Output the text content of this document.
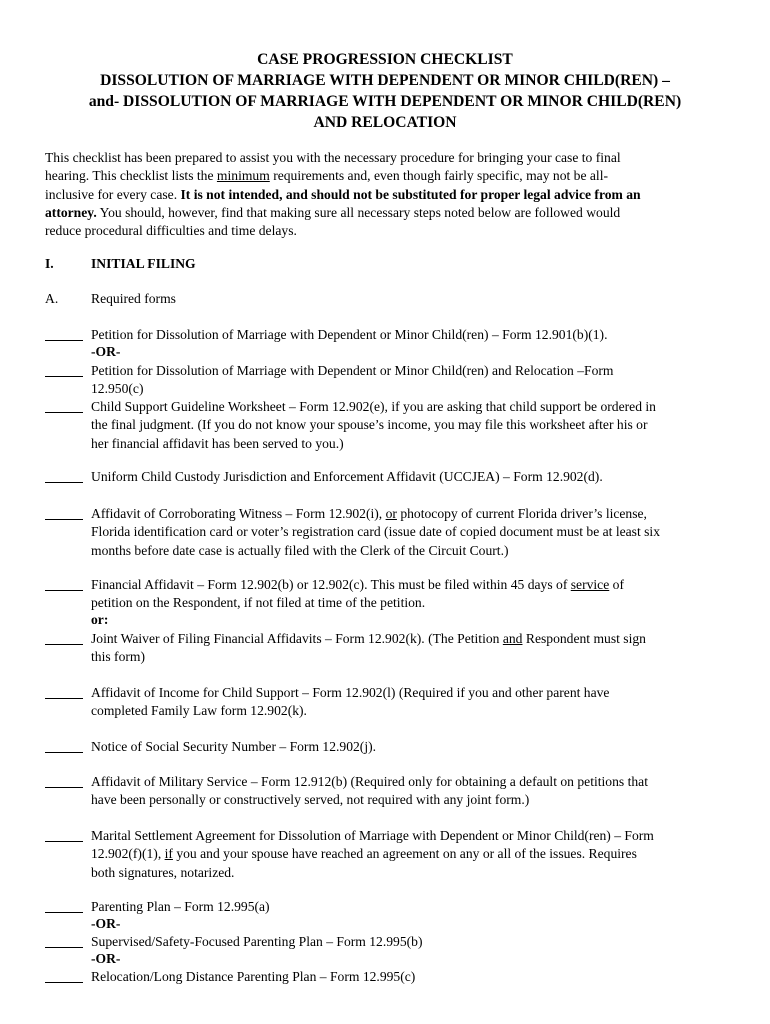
CASE PROGRESSION CHECKLIST
DISSOLUTION OF MARRIAGE WITH DEPENDENT OR MINOR CHILD(REN) –
and- DISSOLUTION OF MARRIAGE WITH DEPENDENT OR MINOR CHILD(REN)
AND RELOCATION
This checklist has been prepared to assist you with the necessary procedure for bringing your case to final
hearing. This checklist lists the minimum requirements and, even though fairly specific, may not be all-
inclusive for every case. It is not intended, and should not be substituted for proper legal advice from an
attorney. You should, however, find that making sure all necessary steps noted below are followed would
reduce procedural difficulties and time delays.
I.	INITIAL FILING
A. Required forms
Petition for Dissolution of Marriage with Dependent or Minor Child(ren) – Form 12.901(b)(1).
-OR-
Petition for Dissolution of Marriage with Dependent or Minor Child(ren) and Relocation –Form
12.950(c)
Child Support Guideline Worksheet – Form 12.902(e), if you are asking that child support be ordered in
the final judgment. (If you do not know your spouse’s income, you may file this worksheet after his or
her financial affidavit has been served to you.)
Uniform Child Custody Jurisdiction and Enforcement Affidavit (UCCJEA) – Form 12.902(d).
Affidavit of Corroborating Witness – Form 12.902(i), or photocopy of current Florida driver’s license,
Florida identification card or voter’s registration card (issue date of copied document must be at least six
months before date case is actually filed with the Clerk of the Circuit Court.)
Financial Affidavit – Form 12.902(b) or 12.902(c). This must be filed within 45 days of service of
petition on the Respondent, if not filed at time of the petition.
or:
Joint Waiver of Filing Financial Affidavits – Form 12.902(k). (The Petition and Respondent must sign
this form)
Affidavit of Income for Child Support – Form 12.902(l) (Required if you and other parent have
completed Family Law form 12.902(k).
Notice of Social Security Number – Form 12.902(j).
Affidavit of Military Service – Form 12.912(b) (Required only for obtaining a default on petitions that
have been personally or constructively served, not required with any joint form.)
Marital Settlement Agreement for Dissolution of Marriage with Dependent or Minor Child(ren) – Form
12.902(f)(1), if you and your spouse have reached an agreement on any or all of the issues. Requires
both signatures, notarized.
Parenting Plan – Form 12.995(a)
-OR-
Supervised/Safety-Focused Parenting Plan – Form 12.995(b)
-OR-
Relocation/Long Distance Parenting Plan – Form 12.995(c)
